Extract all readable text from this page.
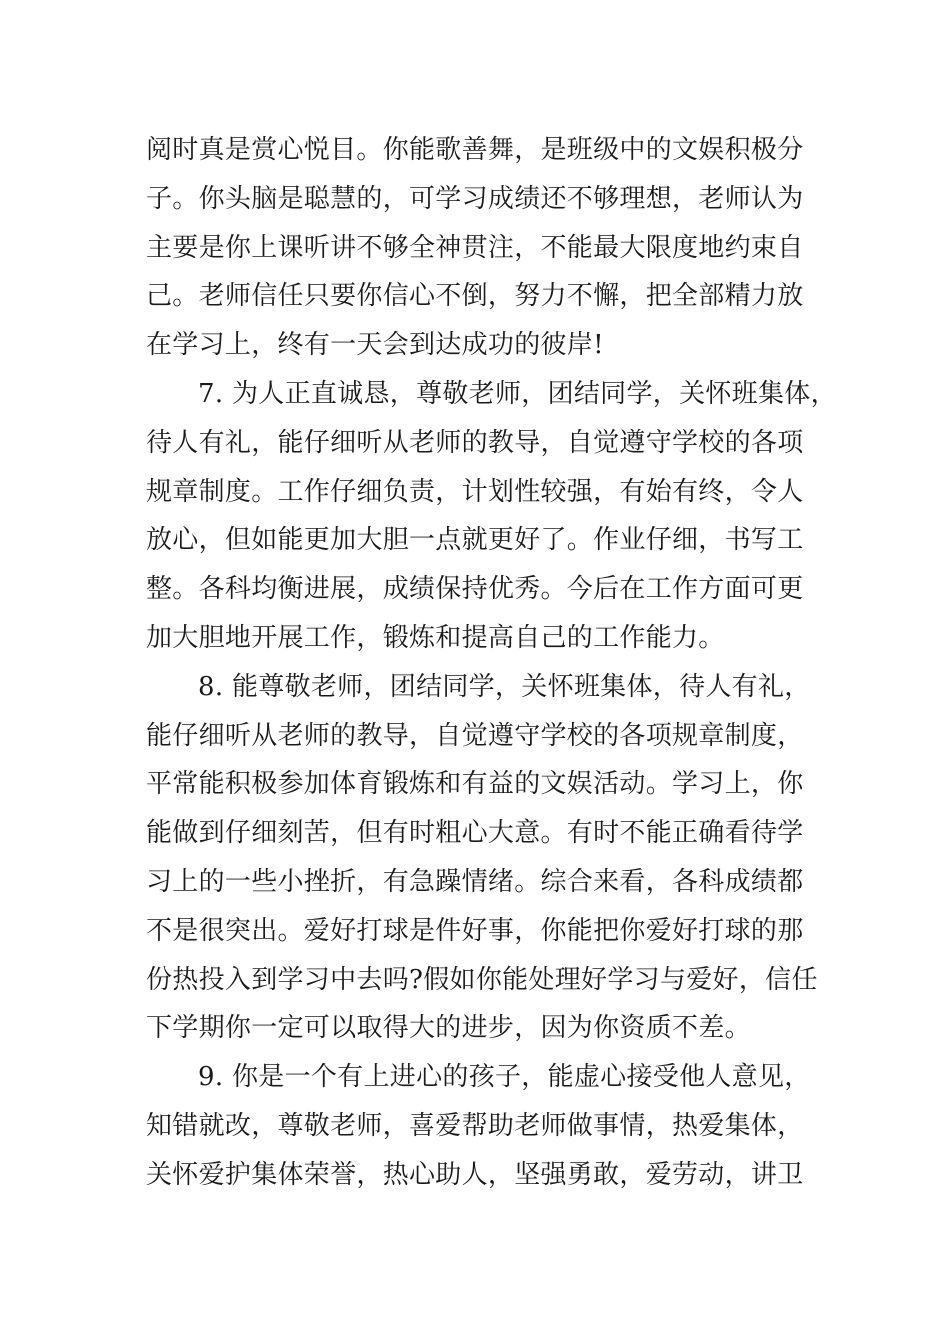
阅时真是赏心悦目。你能歌善舞，是班级中的文娱积极分
子。你头脑是聪慧的，可学习成绩还不够理想，老师认为
主要是你上课听讲不够全神贯注，不能最大限度地约束自
己。老师信任只要你信心不倒，努力不懈，把全部精力放
在学习上，终有一天会到达成功的彼岸!
7. 为人正直诚恳，尊敬老师，团结同学，关怀班集体，
待人有礼，能仔细听从老师的教导，自觉遵守学校的各项
规章制度。工作仔细负责，计划性较强，有始有终，令人
放心，但如能更加大胆一点就更好了。作业仔细，书写工
整。各科均衡进展，成绩保持优秀。今后在工作方面可更
加大胆地开展工作，锻炼和提高自己的工作能力。
8. 能尊敬老师，团结同学，关怀班集体，待人有礼，
能仔细听从老师的教导，自觉遵守学校的各项规章制度，
平常能积极参加体育锻炼和有益的文娱活动。学习上，你
能做到仔细刻苦，但有时粗心大意。有时不能正确看待学
习上的一些小挫折，有急躁情绪。综合来看，各科成绩都
不是很突出。爱好打球是件好事，你能把你爱好打球的那
份热投入到学习中去吗?假如你能处理好学习与爱好，信任
下学期你一定可以取得大的进步，因为你资质不差。
9. 你是一个有上进心的孩子，能虚心接受他人意见，
知错就改，尊敬老师，喜爱帮助老师做事情，热爱集体，
关怀爱护集体荣誉，热心助人，坚强勇敢，爱劳动，讲卫
